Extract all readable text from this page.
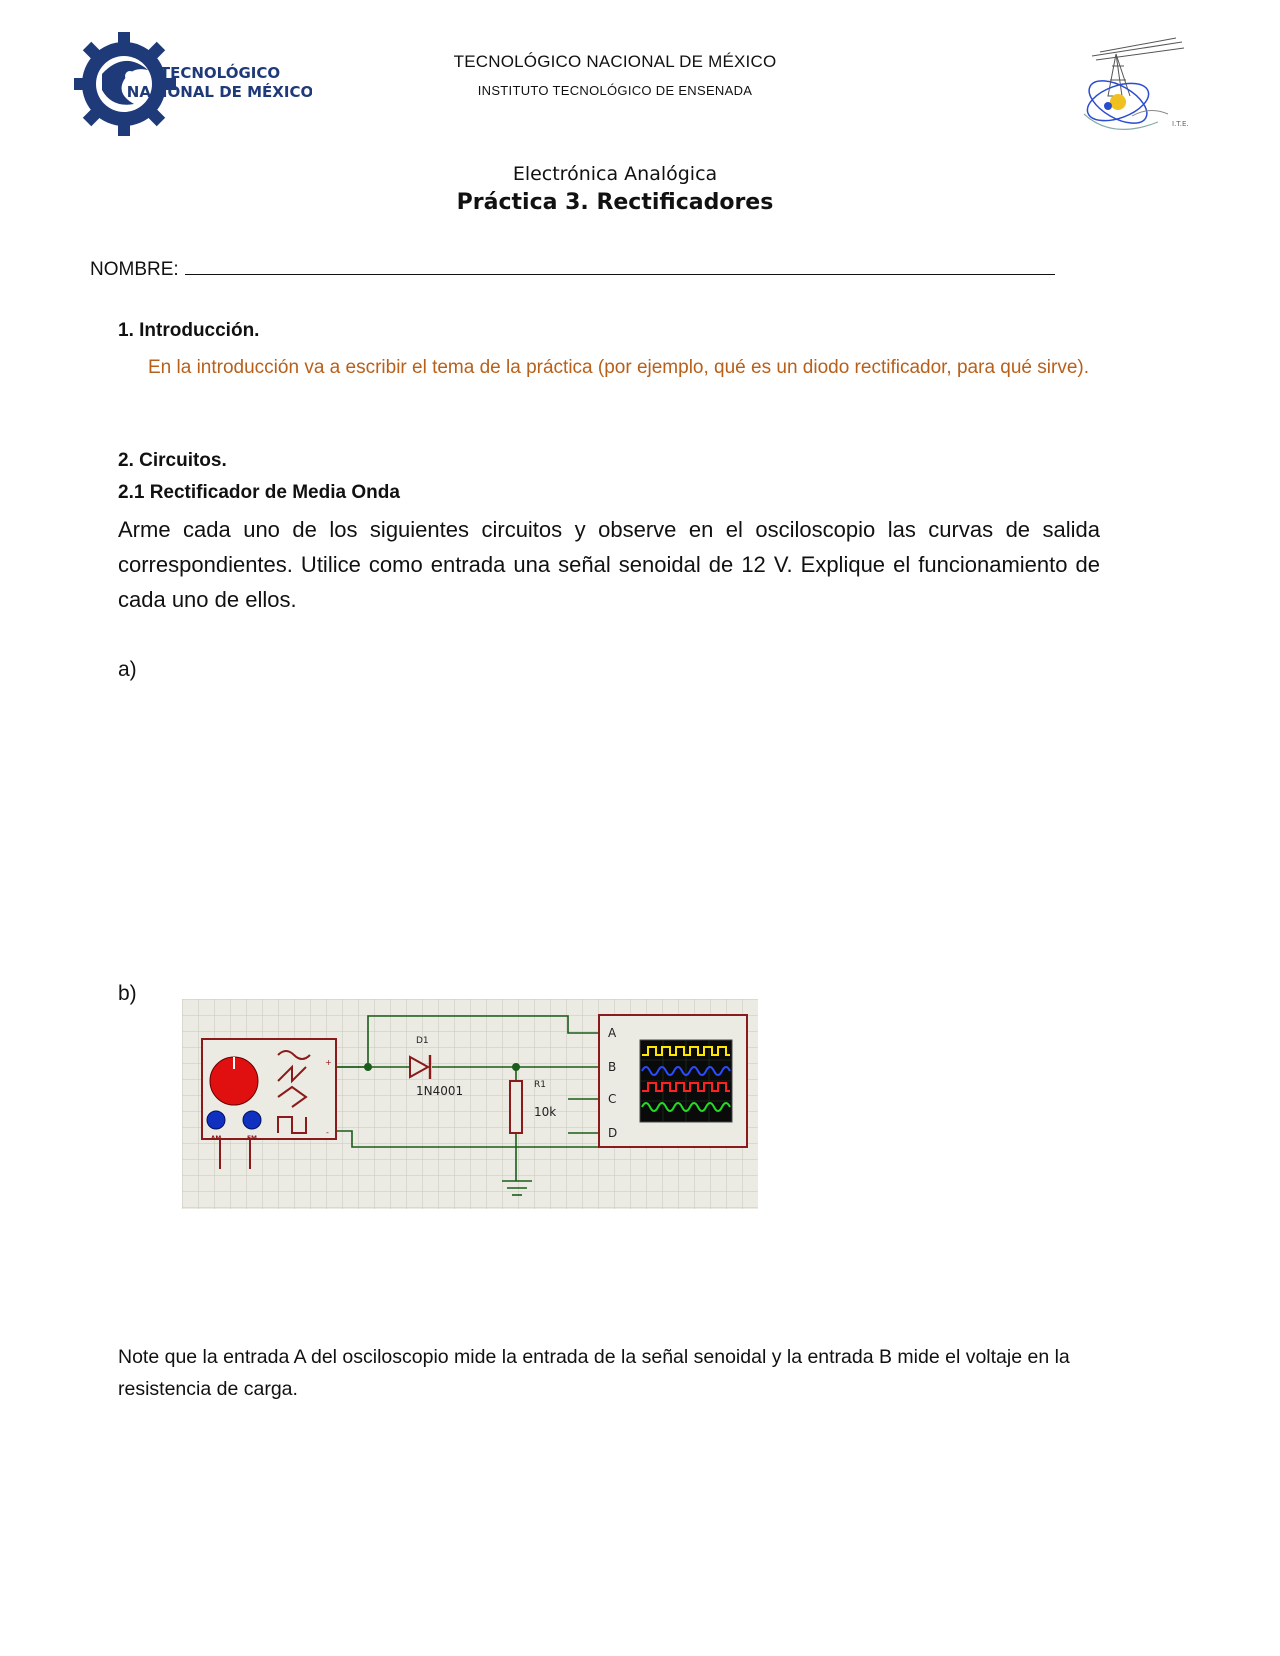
TECNOLÓGICO
NACIONAL DE MÉXICO
TECNOLÓGICO NACIONAL DE MÉXICO
INSTITUTO TECNOLÓGICO DE ENSENADA
I.T.E.
Electrónica Analógica
Práctica 3. Rectificadores
NOMBRE:
1. Introducción.
En la introducción va a escribir el tema de la práctica (por ejemplo, qué es un diodo rectificador, para qué sirve).
2. Circuitos.
2.1 Rectificador de Media Onda
Arme cada uno de los siguientes circuitos y observe en el osciloscopio las curvas de salida correspondientes. Utilice como entrada una señal senoidal de 12 V. Explique el funcionamiento de cada uno de ellos.
a)
b)
AM	FM
+
-
D1
1N4001	R1
10k
A
B
C
D
Note que la entrada A del osciloscopio mide la entrada de la señal senoidal y la entrada B mide el voltaje en la resistencia de carga.
